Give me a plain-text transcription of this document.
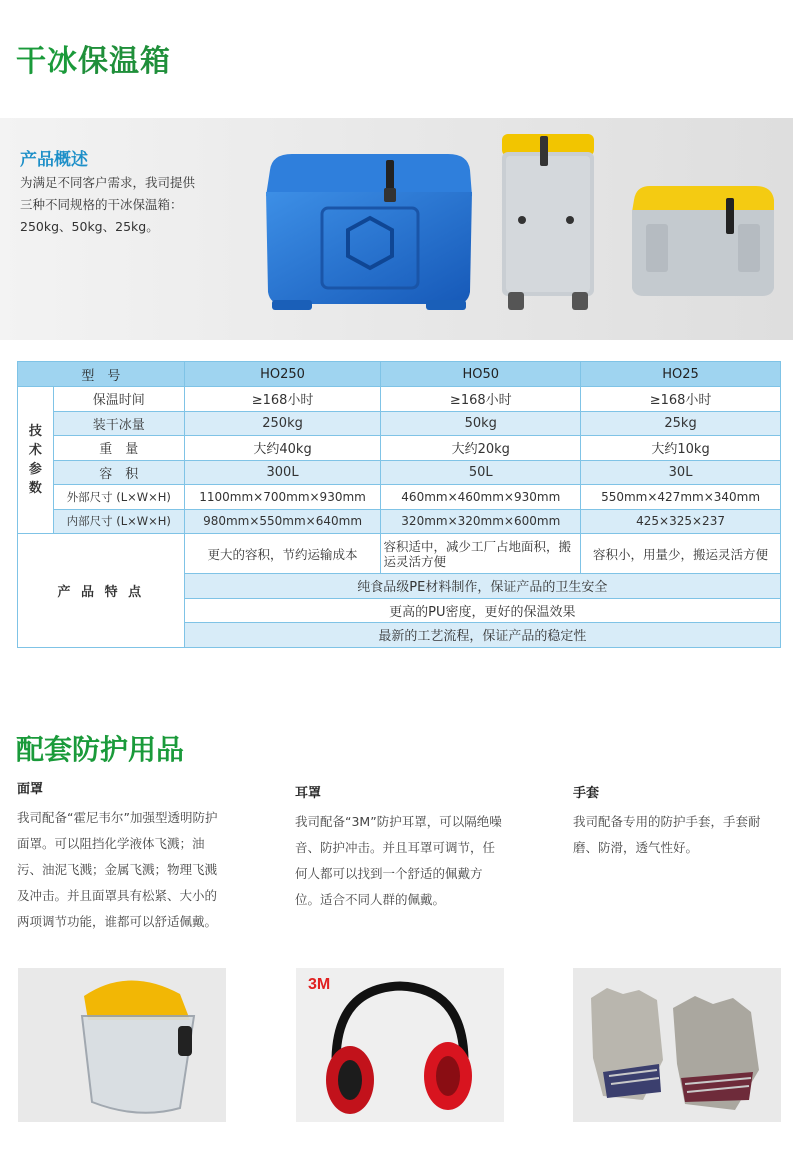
干冰保温箱
产品概述
为满足不同客户需求，我司提供
三种不同规格的干冰保温箱：
250kg、50kg、25kg。
型　号		HO250	HO50	HO25
技
术
参
数	保温时间	≥168小时	≥168小时	≥168小时
	装干冰量	250kg	50kg	25kg
	重　量	大约40kg	大约20kg	大约10kg
	容　积	300L	50L	30L
	外部尺寸 (L×W×H)	1100mm×700mm×930mm	460mm×460mm×930mm	550mm×427mm×340mm
	内部尺寸 (L×W×H)	980mm×550mm×640mm	320mm×320mm×600mm	425×325×237
产 品 特 点		更大的容积，节约运输成本	容积适中，减少工厂占地面积，搬运灵活方便	容积小，用量少，搬运灵活方便
		纯食品级PE材料制作，保证产品的卫生安全		
		更高的PU密度，更好的保温效果		
		最新的工艺流程，保证产品的稳定性		
配套防护用品
面罩

我司配备“霍尼韦尔”加强型透明防护面罩。可以阻挡化学液体飞溅；油污、油泥飞溅；金属飞溅；物理飞溅及冲击。并且面罩具有松紧、大小的两项调节功能，谁都可以舒适佩戴。

耳罩

我司配备“3M”防护耳罩，可以隔绝噪音、防护冲击。并且耳罩可调节，任何人都可以找到一个舒适的佩戴方位。适合不同人群的佩戴。

手套

我司配备专用的防护手套，手套耐磨、防滑，透气性好。

3M
